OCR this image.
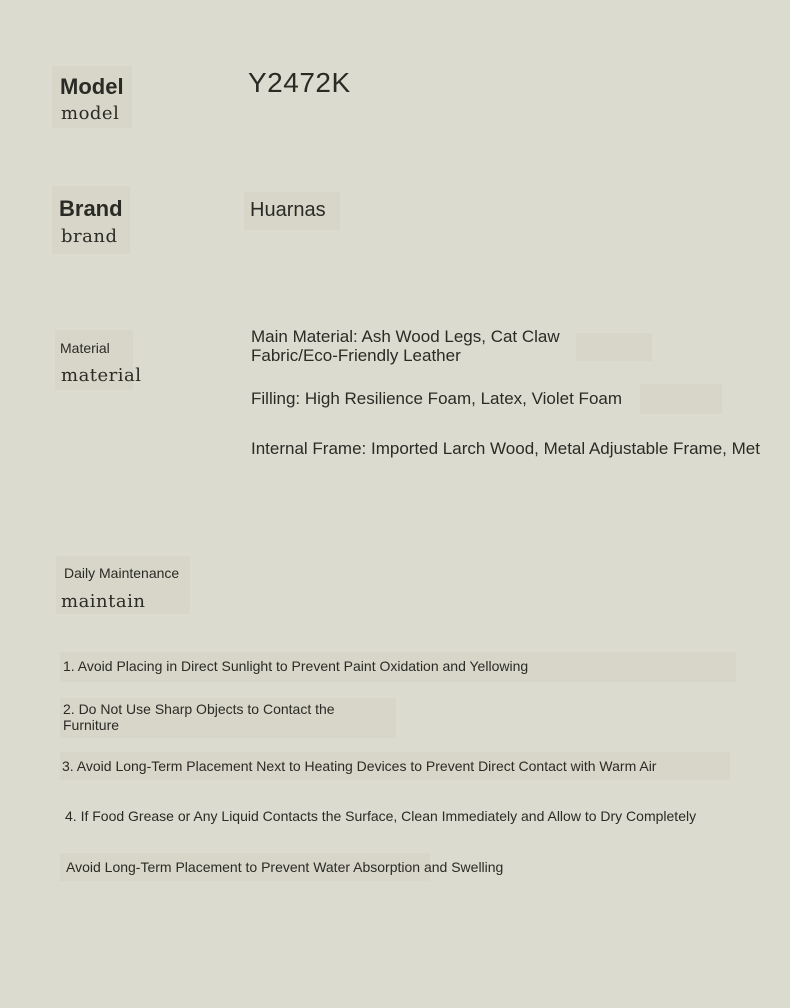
Model
model
Y2472K
Brand
brand
Huarnas
Material
material

Main Material: Ash Wood Legs, Cat Claw Fabric/Eco-Friendly Leather

Filling: High Resilience Foam, Latex, Violet Foam

Internal Frame: Imported Larch Wood, Metal Adjustable Frame, Met

Daily Maintenance
maintain

1. Avoid Placing in Direct Sunlight to Prevent Paint Oxidation and Yellowing

2. Do Not Use Sharp Objects to Contact the Furniture

3. Avoid Long-Term Placement Next to Heating Devices to Prevent Direct Contact with Warm Air

4. If Food Grease or Any Liquid Contacts the Surface, Clean Immediately and Allow to Dry Completely

Avoid Long-Term Placement to Prevent Water Absorption and Swelling
